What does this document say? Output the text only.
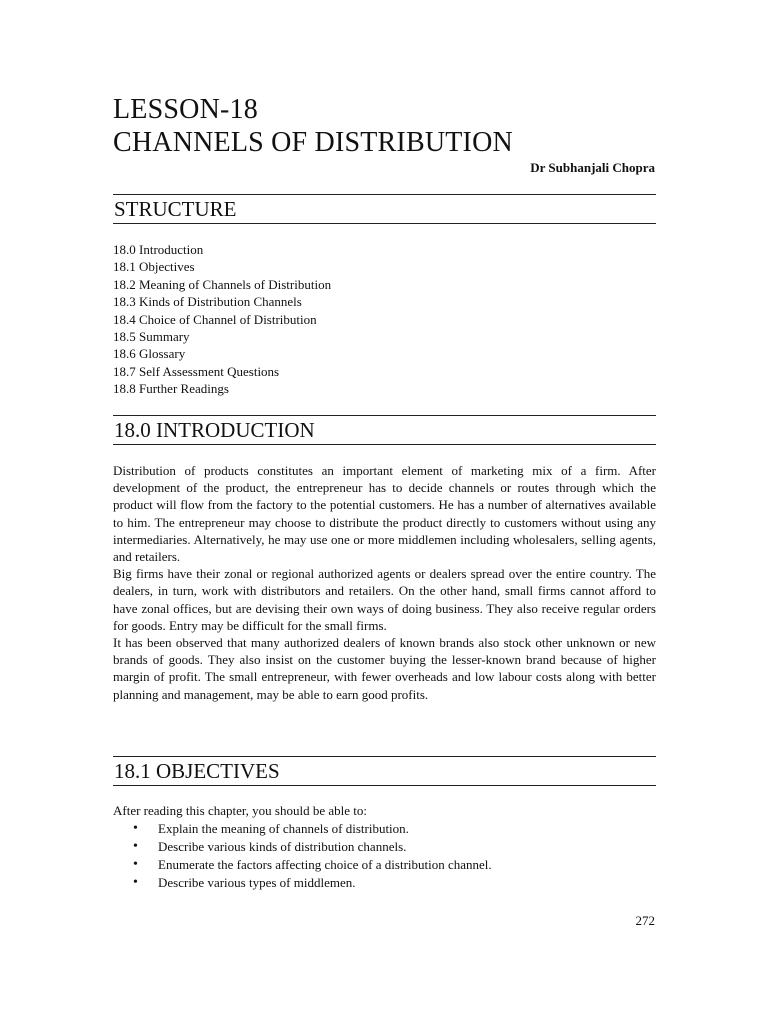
LESSON-18
CHANNELS OF DISTRIBUTION
Dr Subhanjali Chopra
STRUCTURE
18.0 Introduction
18.1 Objectives
18.2 Meaning of Channels of Distribution
18.3 Kinds of Distribution Channels
18.4 Choice of Channel of Distribution
18.5 Summary
18.6 Glossary
18.7 Self Assessment Questions
18.8 Further Readings
18.0 INTRODUCTION

Distribution of products constitutes an important element of marketing mix of a firm. After development of the product, the entrepreneur has to decide channels or routes through which the product will flow from the factory to the potential customers. He has a number of alternatives available to him. The entrepreneur may choose to distribute the product directly to customers without using any intermediaries. Alternatively, he may use one or more middlemen including wholesalers, selling agents, and retailers.

Big firms have their zonal or regional authorized agents or dealers spread over the entire country. The dealers, in turn, work with distributors and retailers. On the other hand, small firms cannot afford to have zonal offices, but are devising their own ways of doing business. They also receive regular orders for goods. Entry may be difficult for the small firms.

It has been observed that many authorized dealers of known brands also stock other unknown or new brands of goods. They also insist on the customer buying the lesser-known brand because of higher margin of profit. The small entrepreneur, with fewer overheads and low labour costs along with better planning and management, may be able to earn good profits.

18.1 OBJECTIVES

After reading this chapter, you should be able to:

• Explain the meaning of channels of distribution.
• Describe various kinds of distribution channels.
• Enumerate the factors affecting choice of a distribution channel.
• Describe various types of middlemen.
272
